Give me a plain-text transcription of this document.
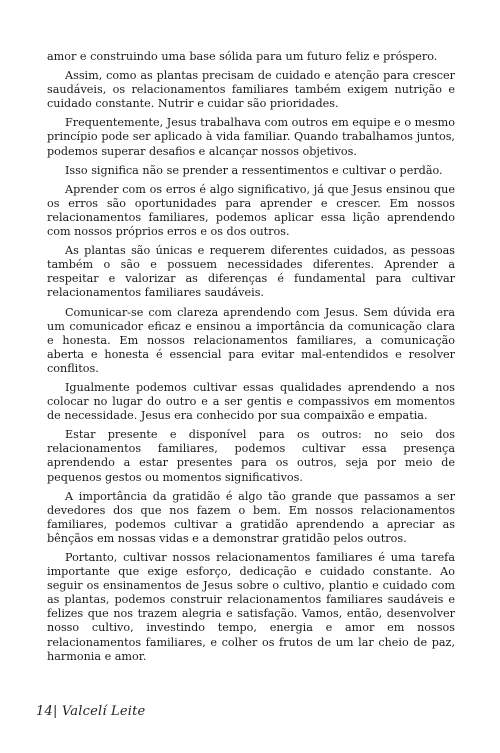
amor e construindo uma base sólida para um futuro feliz e próspero.

Assim, como as plantas precisam de cuidado e atenção para crescer saudáveis, os relacionamentos familiares também exigem nutrição e cuidado constante. Nutrir e cuidar são prioridades.

Frequentemente, Jesus trabalhava com outros em equipe e o mesmo princípio pode ser aplicado à vida familiar. Quando trabalhamos juntos, podemos superar desafios e alcançar nossos objetivos.

Isso significa não se prender a ressentimentos e cultivar o perdão.

Aprender com os erros é algo significativo, já que Jesus ensinou que os erros são oportunidades para aprender e crescer. Em nossos relacionamentos familiares, podemos aplicar essa lição aprendendo com nossos próprios erros e os dos outros.

As plantas são únicas e requerem diferentes cuidados, as pessoas também o são e possuem necessidades diferentes. Aprender a respeitar e valorizar as diferenças é fundamental para cultivar relacionamentos familiares saudáveis.

Comunicar-se com clareza aprendendo com Jesus. Sem dúvida era um comunicador eficaz e ensinou a importância da comunicação clara e honesta. Em nossos relacionamentos familiares, a comunicação aberta e honesta é essencial para evitar mal-entendidos e resolver conflitos.

Igualmente podemos cultivar essas qualidades aprendendo a nos colocar no lugar do outro e a ser gentis e compassivos em momentos de necessidade. Jesus era conhecido por sua compaixão e empatia.

Estar presente e disponível para os outros: no seio dos relacionamentos familiares, podemos cultivar essa presença aprendendo a estar presentes para os outros, seja por meio de pequenos gestos ou momentos significativos.

A importância da gratidão é algo tão grande que passamos a ser devedores dos que nos fazem o bem. Em nossos relacionamentos familiares, podemos cultivar a gratidão aprendendo a apreciar as bênçãos em nossas vidas e a demonstrar gratidão pelos outros.

Portanto, cultivar nossos relacionamentos familiares é uma tarefa importante que exige esforço, dedicação e cuidado constante. Ao seguir os ensinamentos de Jesus sobre o cultivo, plantio e cuidado com as plantas, podemos construir relacionamentos familiares saudáveis e felizes que nos trazem alegria e satisfação. Vamos, então, desenvolver nosso cultivo, investindo tempo, energia e amor em nossos relacionamentos familiares, e colher os frutos de um lar cheio de paz, harmonia e amor.

14| Valcelí Leite
